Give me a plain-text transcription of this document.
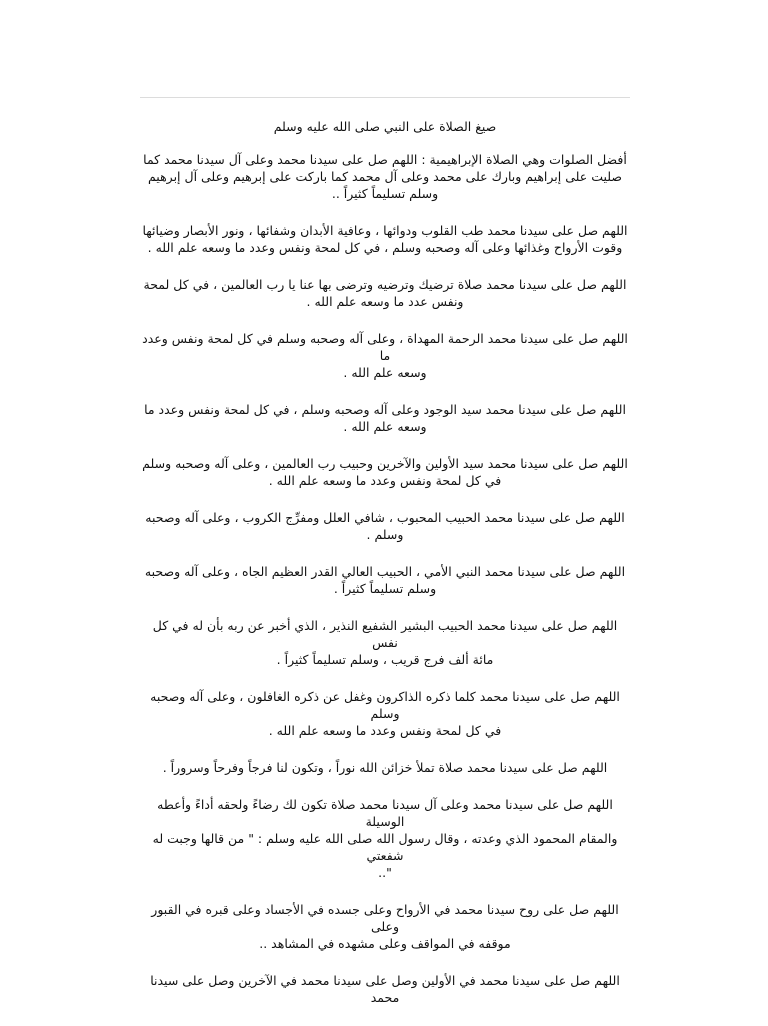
صيغ الصلاة على النبي صلى الله عليه وسلم

أفضل الصلوات وهي الصلاة الإبراهيمية : اللهم صل على سيدنا محمد وعلى آل سيدنا محمد كما
صليت على إبراهيم وبارك على محمد وعلى آل محمد كما باركت على إبرهيم وعلى آل إبرهيم
وسلم تسليماً كثيراً ..

اللهم صل على سيدنا محمد طب القلوب ودوائها ، وعافية الأبدان وشفائها ، ونور الأبصار وضيائها
وقوت الأرواح وغذائها وعلى آله وصحبه وسلم ، في كل لمحة ونفس وعدد ما وسعه علم الله .

اللهم صل على سيدنا محمد صلاة ترضيك وترضيه وترضى بها عنا يا رب العالمين ، في كل لمحة
ونفس عدد ما وسعه علم الله .

اللهم صل على سيدنا محمد الرحمة المهداة ، وعلى آله وصحبه وسلم في كل لمحة ونفس وعدد ما
وسعه علم الله .

اللهم صل على سيدنا محمد سيد الوجود وعلى آله وصحبه وسلم ، في كل لمحة ونفس وعدد ما
وسعه علم الله .

اللهم صل على سيدنا محمد سيد الأولين والآخرين وحبيب رب العالمين ، وعلى آله وصحبه وسلم
في كل لمحة ونفس وعدد ما وسعه علم الله .

اللهم صل على سيدنا محمد الحبيب المحبوب ، شافي العلل ومفرِّج الكروب ، وعلى آله وصحبه
وسلم .

اللهم صل على سيدنا محمد النبي الأمي ، الحبيب العالي القدر العظيم الجاه ، وعلى آله وصحبه
وسلم تسليماً كثيراً .

اللهم صل على سيدنا محمد الحبيب البشير الشفيع النذير ، الذي أخبر عن ربه بأن له في كل نفس
مائة ألف فرج قريب ، وسلم تسليماً كثيراً .

اللهم صل على سيدنا محمد كلما ذكره الذاكرون وغفل عن ذكره الغافلون ، وعلى آله وصحبه وسلم
في كل لمحة ونفس وعدد ما وسعه علم الله .

اللهم صل على سيدنا محمد صلاة تملأ خزائن الله نوراً ، وتكون لنا فرجاً وفرحاً وسروراً .

اللهم صل على سيدنا محمد وعلى آل سيدنا محمد صلاة تكون لك رضاءً ولحقه أداءً وأعطه الوسيلة
والمقام المحمود الذي وعدته ، وقال رسول الله صلى الله عليه وسلم : " من قالها وجبت له شفعتي
"..

اللهم صل على روح سيدنا محمد في الأرواح وعلى جسده في الأجساد وعلى قبره في القبور وعلى
موقفه في المواقف وعلى مشهده في المشاهد ..

اللهم صل على سيدنا محمد في الأولين وصل على سيدنا محمد في الآخرين وصل على سيدنا محمد
